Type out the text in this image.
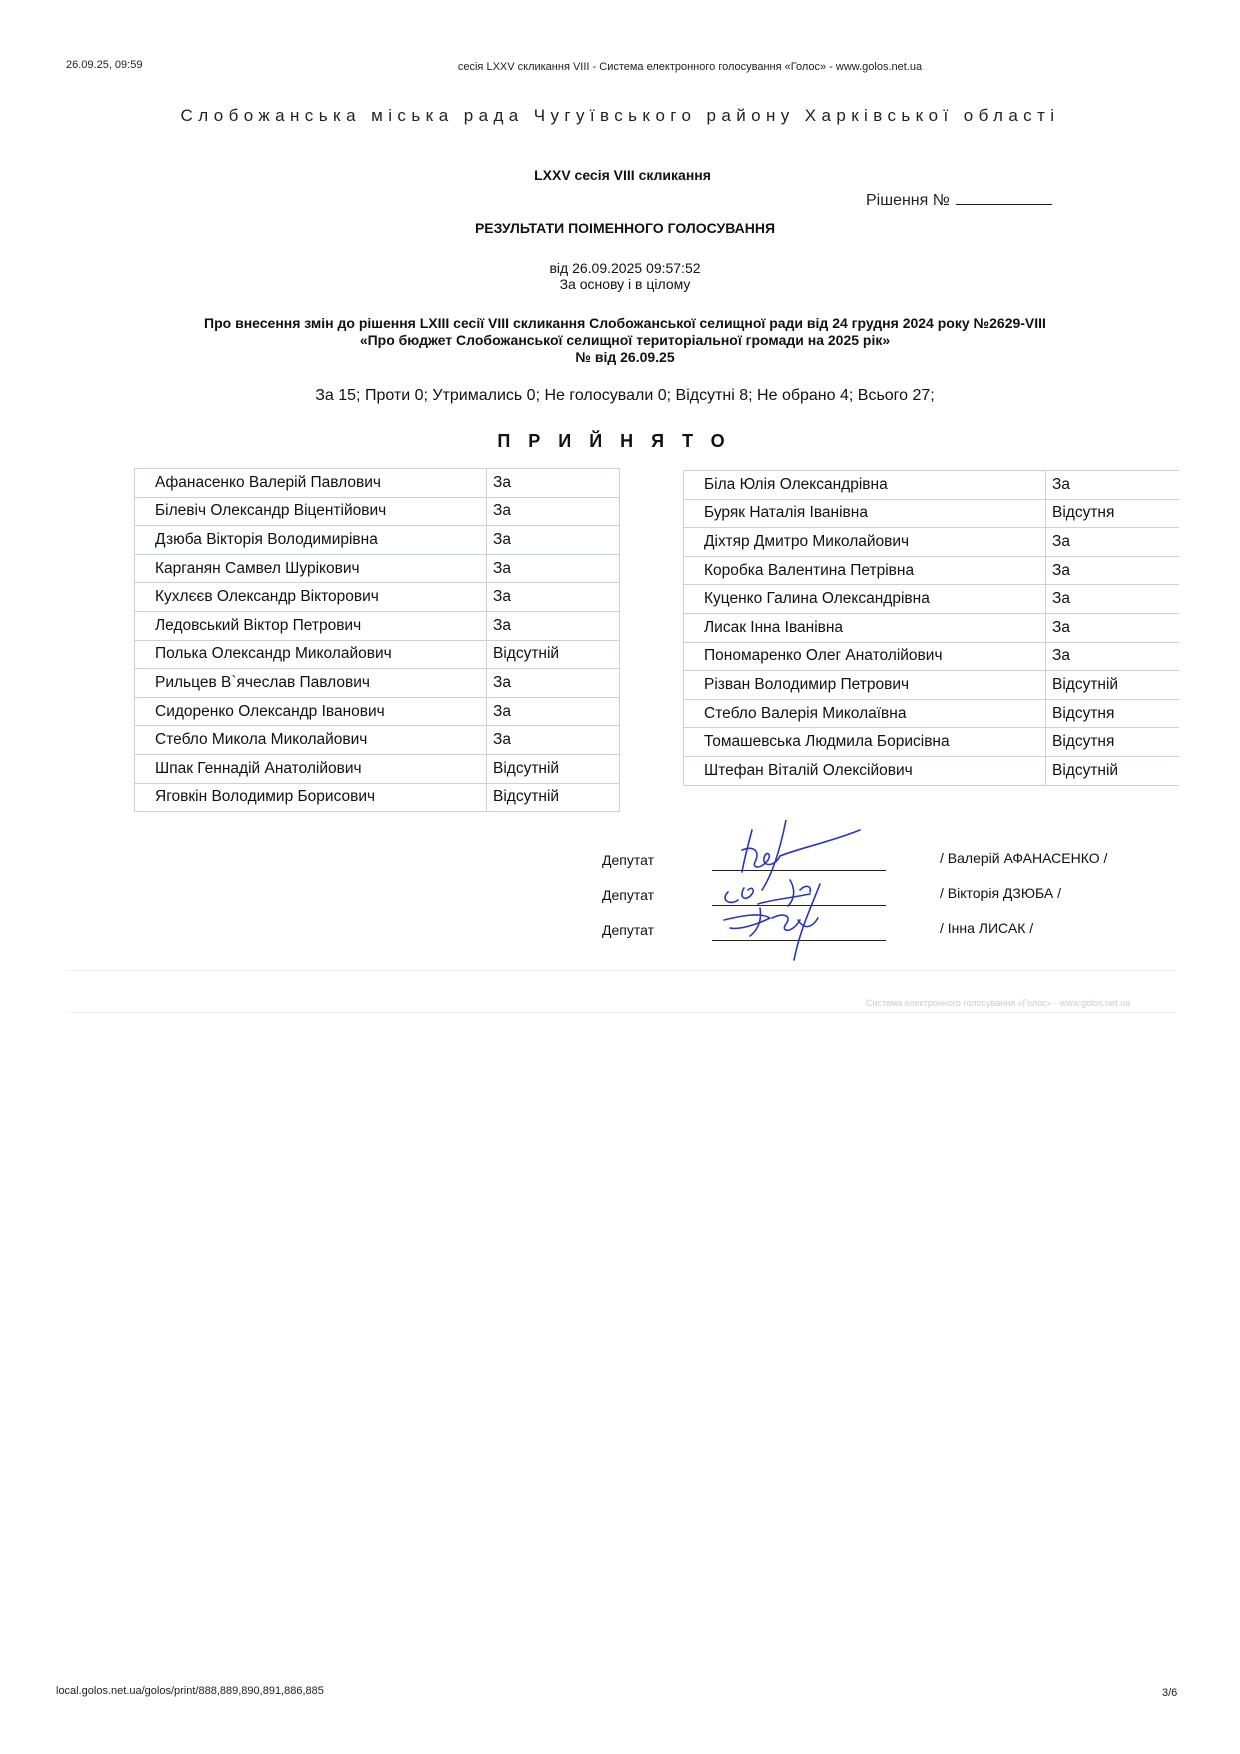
26.09.25, 09:59	сесія LXXV скликання VIII - Система електронного голосування «Голос» - www.golos.net.ua
Слобожанська міська рада Чугуївського району Харківської області
LXXV сесія VIII скликання
Рішення №
РЕЗУЛЬТАТИ ПОІМЕННОГО ГОЛОСУВАННЯ
від 26.09.2025 09:57:52
За основу і в цілому
Про внесення змін до рішення LXIII сесії VIII скликання Слобожанської селищної ради від 24 грудня 2024 року №2629-VIII
«Про бюджет Слобожанської селищної територіальної громади на 2025 рік»
№ від 26.09.25
За 15; Проти 0; Утримались 0; Не голосували 0; Відсутні 8; Не обрано 4; Всього 27;
ПРИЙНЯТО
Афанасенко Валерій Павлович	За
Білевіч Олександр Віцентійович	За
Дзюба Вікторія Володимирівна	За
Карганян Самвел Шурікович	За
Кухлєєв Олександр Вікторович	За
Ледовський Віктор Петрович	За
Полька Олександр Миколайович	Відсутній
Рильцев В`ячеслав Павлович	За
Сидоренко Олександр Іванович	За
Стебло Микола Миколайович	За
Шпак Геннадій Анатолійович	Відсутній
Яговкін Володимир Борисович	Відсутній
Біла Юлія Олександрівна	За
Буряк Наталія Іванівна	Відсутня
Діхтяр Дмитро Миколайович	За
Коробка Валентина Петрівна	За
Куценко Галина Олександрівна	За
Лисак Інна Іванівна	За
Пономаренко Олег Анатолійович	За
Різван Володимир Петрович	Відсутній
Стебло Валерія Миколаївна	Відсутня
Томашевська Людмила Борисівна	Відсутня
Штефан Віталій Олексійович	Відсутній
Депутат
Депутат
Депутат
/ Валерій АФАНАСЕНКО /
/ Вікторія ДЗЮБА /
/ Інна ЛИСАК /
Система електронного голосування «Голос» - www.golos.net.ua
local.golos.net.ua/golos/print/888,889,890,891,886,885	3/6
